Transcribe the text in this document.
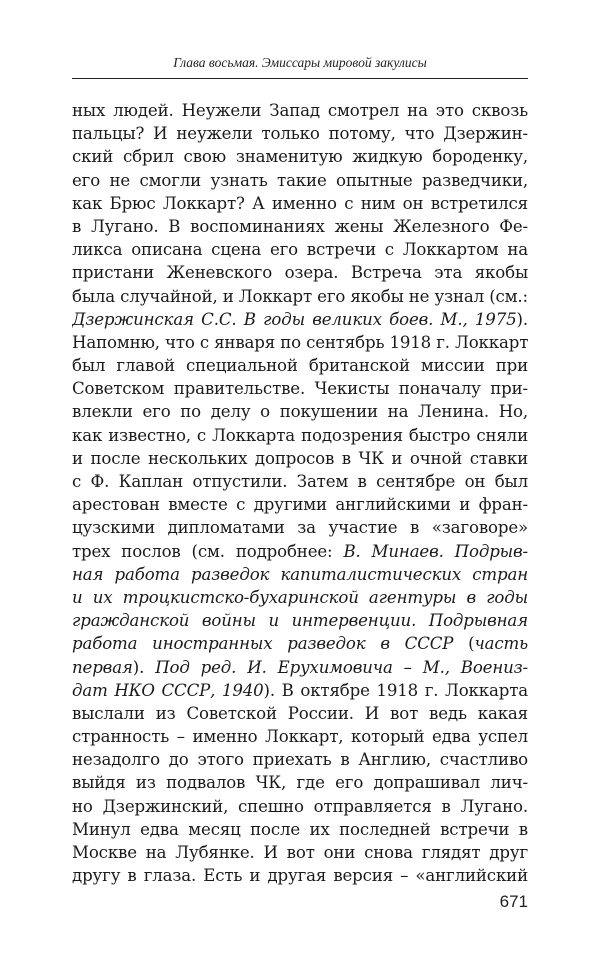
Глава восьмая. Эмиссары мировой закулисы
ных людей. Неужели Запад смотрел на это сквозь
пальцы? И неужели только потому, что Дзержин-
ский сбрил свою знаменитую жидкую бороденку,
его не смогли узнать такие опытные разведчики,
как Брюс Локкарт? А именно с ним он встретился
в Лугано. В воспоминаниях жены Железного Фе-
ликса описана сцена его встречи с Локкартом на
пристани Женевского озера. Встреча эта якобы
была случайной, и Локкарт его якобы не узнал (см.:
Дзержинская С.С. В годы великих боев. М., 1975).
Напомню, что с января по сентябрь 1918 г. Локкарт
был главой специальной британской миссии при
Советском правительстве. Чекисты поначалу при-
влекли его по делу о покушении на Ленина. Но,
как известно, с Локкарта подозрения быстро сняли
и после нескольких допросов в ЧК и очной ставки
с Ф. Каплан отпустили. Затем в сентябре он был
арестован вместе с другими английскими и фран-
цузскими дипломатами за участие в «заговоре»
трех послов (см. подробнее: В. Минаев. Подрыв-
ная работа разведок капиталистических стран
и их троцкистско-бухаринской агентуры в годы
гражданской войны и интервенции. Подрывная
работа иностранных разведок в СССР (часть
первая). Под ред. И. Ерухимовича – М., Воениз-
дат НКО СССР, 1940). В октябре 1918 г. Локкарта
выслали из Советской России. И вот ведь какая
странность – именно Локкарт, который едва успел
незадолго до этого приехать в Англию, счастливо
выйдя из подвалов ЧК, где его допрашивал лич-
но Дзержинский, спешно отправляется в Лугано.
Минул едва месяц после их последней встречи в
Москве на Лубянке. И вот они снова глядят друг
другу в глаза. Есть и другая версия – «английский
671
